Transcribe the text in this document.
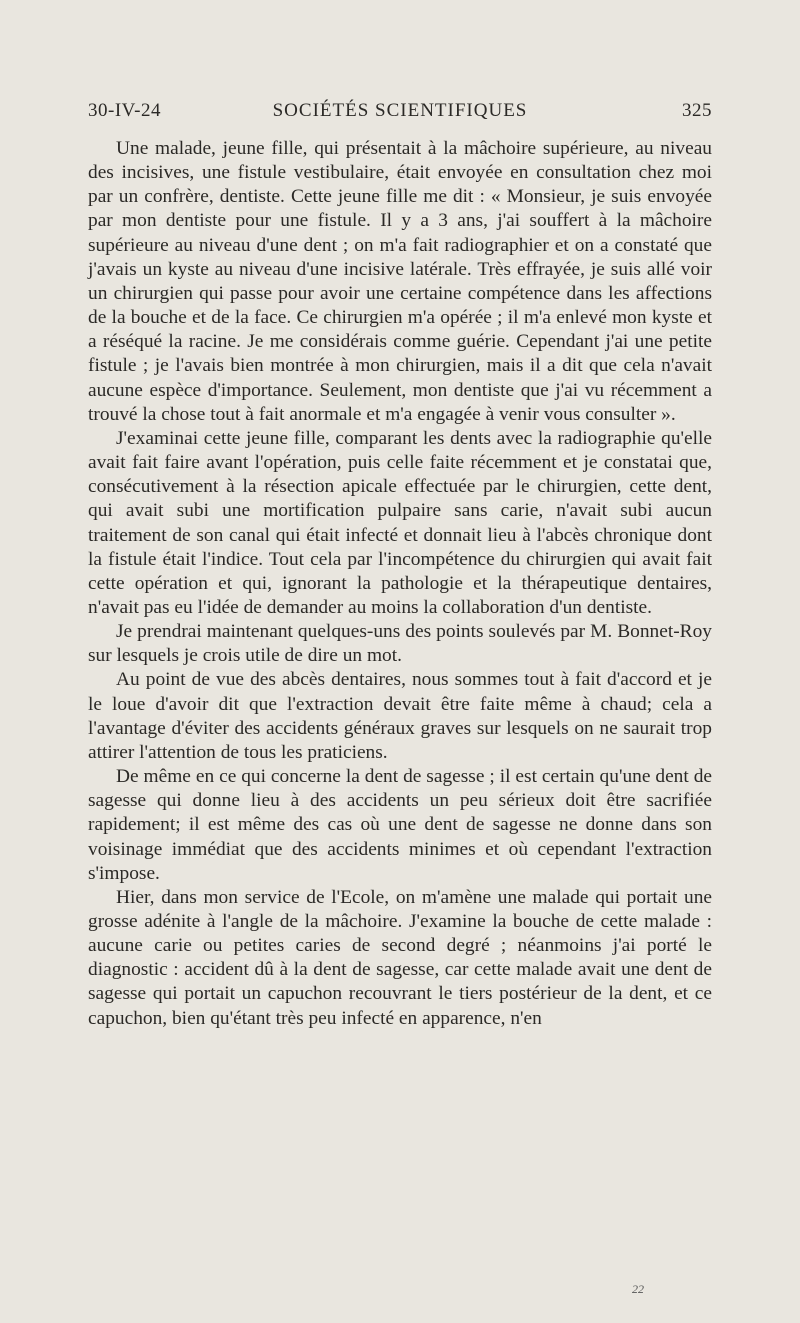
SOCIÉTÉS SCIENTIFIQUES
30-IV-24	325

Une malade, jeune fille, qui présentait à la mâchoire supérieure, au niveau des incisives, une fistule vestibulaire, était envoyée en consultation chez moi par un confrère, dentiste. Cette jeune fille me dit : « Monsieur, je suis envoyée par mon dentiste pour une fistule. Il y a 3 ans, j'ai souffert à la mâchoire supérieure au niveau d'une dent ; on m'a fait radiographier et on a constaté que j'avais un kyste au niveau d'une incisive latérale. Très effrayée, je suis allé voir un chirurgien qui passe pour avoir une certaine compétence dans les affections de la bouche et de la face. Ce chirurgien m'a opérée ; il m'a enlevé mon kyste et a réséqué la racine. Je me considérais comme guérie. Cependant j'ai une petite fistule ; je l'avais bien montrée à mon chirurgien, mais il a dit que cela n'avait aucune espèce d'importance. Seulement, mon dentiste que j'ai vu récemment a trouvé la chose tout à fait anormale et m'a engagée à venir vous consulter ».

J'examinai cette jeune fille, comparant les dents avec la radiographie qu'elle avait fait faire avant l'opération, puis celle faite récemment et je constatai que, consécutivement à la résection apicale effectuée par le chirurgien, cette dent, qui avait subi une mortification pulpaire sans carie, n'avait subi aucun traitement de son canal qui était infecté et donnait lieu à l'abcès chronique dont la fistule était l'indice. Tout cela par l'incompétence du chirurgien qui avait fait cette opération et qui, ignorant la pathologie et la thérapeutique dentaires, n'avait pas eu l'idée de demander au moins la collaboration d'un dentiste.

Je prendrai maintenant quelques-uns des points soulevés par M. Bonnet-Roy sur lesquels je crois utile de dire un mot.

Au point de vue des abcès dentaires, nous sommes tout à fait d'accord et je le loue d'avoir dit que l'extraction devait être faite même à chaud; cela a l'avantage d'éviter des accidents généraux graves sur lesquels on ne saurait trop attirer l'attention de tous les praticiens.

De même en ce qui concerne la dent de sagesse ; il est certain qu'une dent de sagesse qui donne lieu à des accidents un peu sérieux doit être sacrifiée rapidement; il est même des cas où une dent de sagesse ne donne dans son voisinage immédiat que des accidents minimes et où cependant l'extraction s'impose.

Hier, dans mon service de l'Ecole, on m'amène une malade qui portait une grosse adénite à l'angle de la mâchoire. J'examine la bouche de cette malade : aucune carie ou petites caries de second degré ; néanmoins j'ai porté le diagnostic : accident dû à la dent de sagesse, car cette malade avait une dent de sagesse qui portait un capuchon recouvrant le tiers postérieur de la dent, et ce capuchon, bien qu'étant très peu infecté en apparence, n'en

22
